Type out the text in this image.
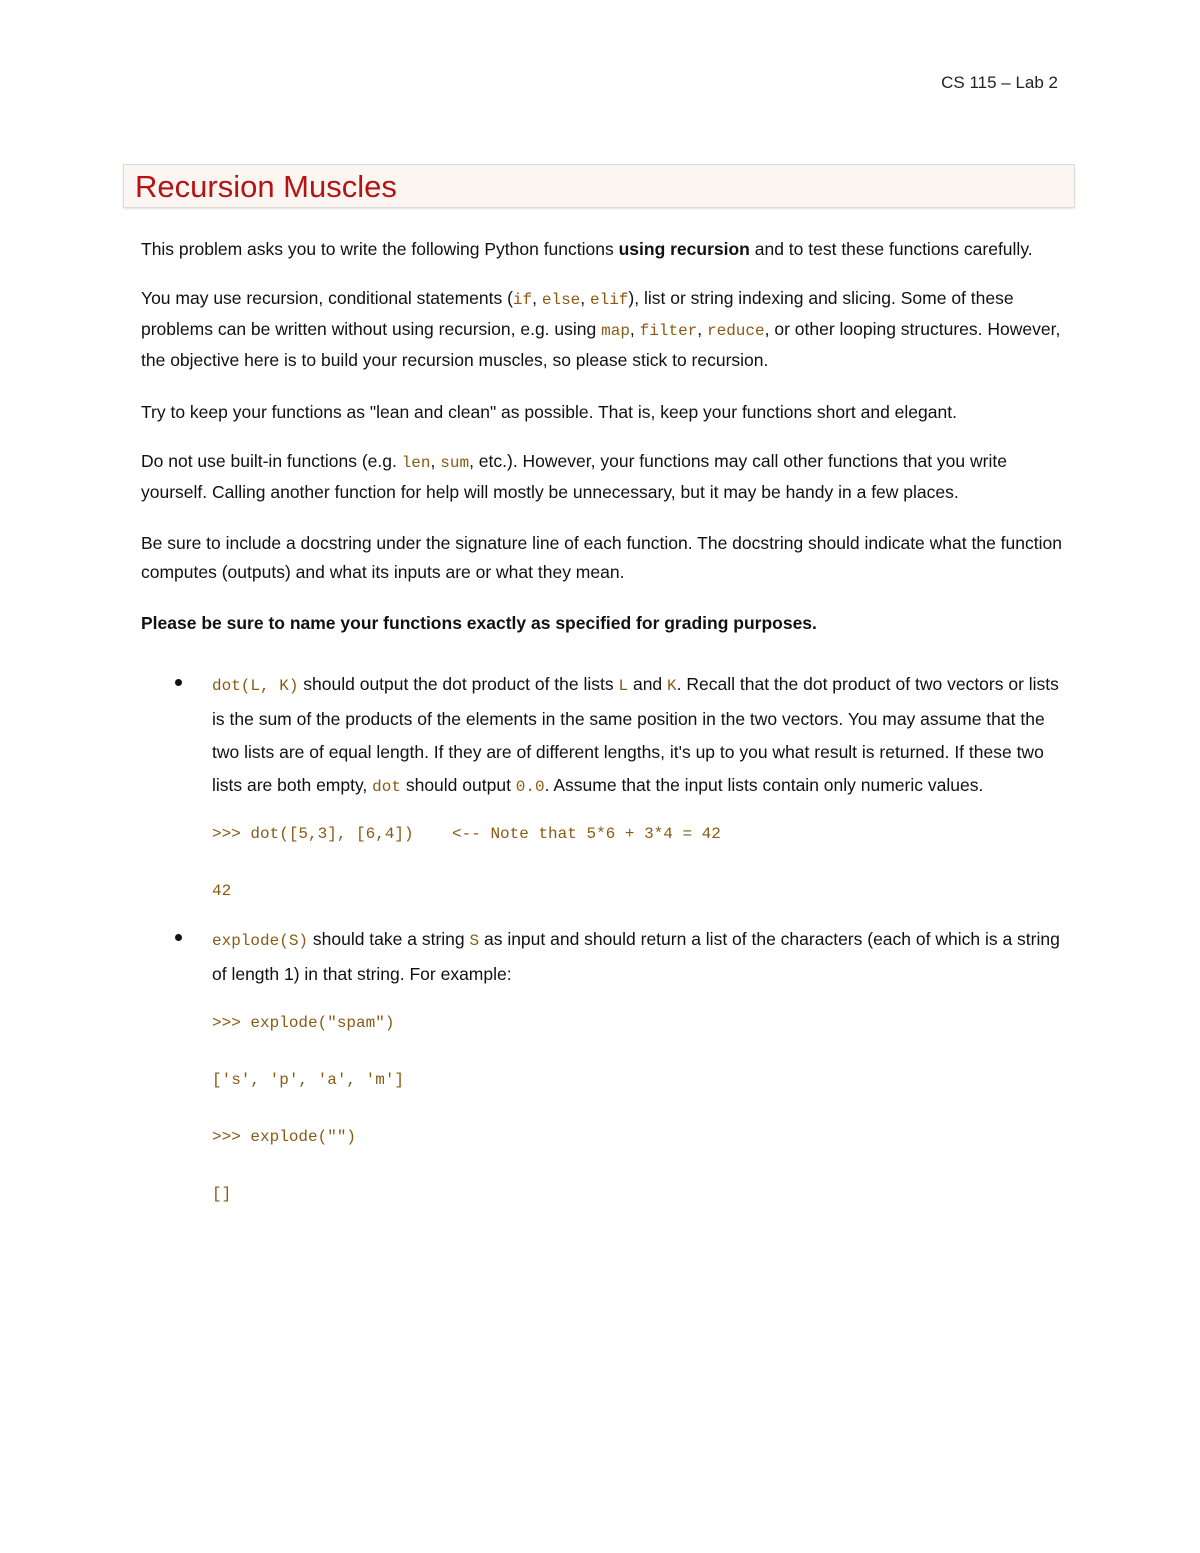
CS 115 – Lab 2
Recursion Muscles

This problem asks you to write the following Python functions using recursion and to test these functions carefully.

You may use recursion, conditional statements (if, else, elif), list or string indexing and slicing. Some of these problems can be written without using recursion, e.g. using map, filter, reduce, or other looping structures. However, the objective here is to build your recursion muscles, so please stick to recursion.

Try to keep your functions as "lean and clean" as possible. That is, keep your functions short and elegant.

Do not use built-in functions (e.g. len, sum, etc.). However, your functions may call other functions that you write yourself. Calling another function for help will mostly be unnecessary, but it may be handy in a few places.

Be sure to include a docstring under the signature line of each function. The docstring should indicate what the function computes (outputs) and what its inputs are or what they mean.

Please be sure to name your functions exactly as specified for grading purposes.

dot(L, K) should output the dot product of the lists L and K. Recall that the dot product of two vectors or lists is the sum of the products of the elements in the same position in the two vectors. You may assume that the two lists are of equal length. If they are of different lengths, it's up to you what result is returned. If these two lists are both empty, dot should output 0.0. Assume that the input lists contain only numeric values.

>>> dot([5,3], [6,4])    <-- Note that 5*6 + 3*4 = 42
42

explode(S) should take a string S as input and should return a list of the characters (each of which is a string of length 1) in that string. For example:

>>> explode("spam")
['s', 'p', 'a', 'm']
>>> explode("")
[]
